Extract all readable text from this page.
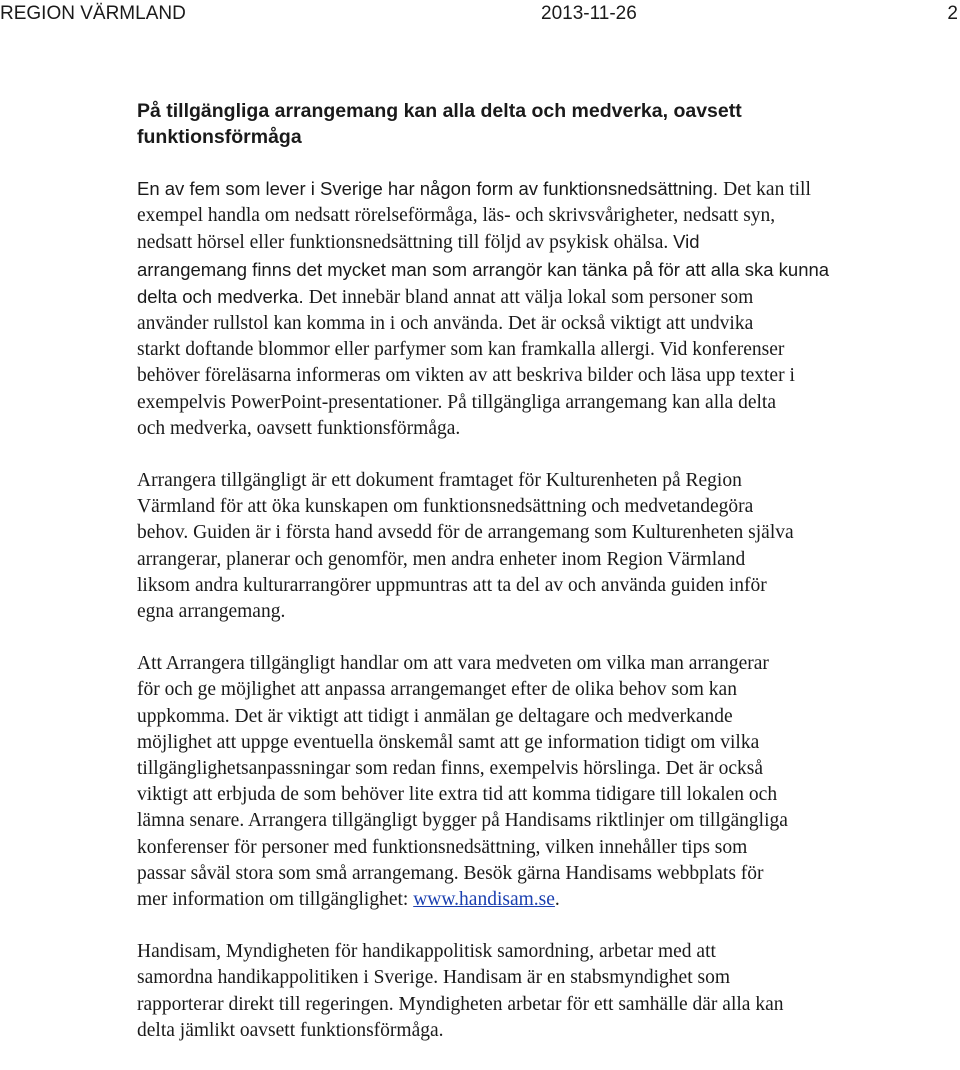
REGION VÄRMLAND	2013-11-26	2
På tillgängliga arrangemang kan alla delta och medverka, oavsett
funktionsförmåga

En av fem som lever i Sverige har någon form av funktionsnedsättning. Det kan till
exempel handla om nedsatt rörelseförmåga, läs- och skrivsvårigheter, nedsatt syn,
nedsatt hörsel eller funktionsnedsättning till följd av psykisk ohälsa. Vid
arrangemang finns det mycket man som arrangör kan tänka på för att alla ska kunna
delta och medverka. Det innebär bland annat att välja lokal som personer som
använder rullstol kan komma in i och använda. Det är också viktigt att undvika
starkt doftande blommor eller parfymer som kan framkalla allergi. Vid konferenser
behöver föreläsarna informeras om vikten av att beskriva bilder och läsa upp texter i
exempelvis PowerPoint-presentationer. På tillgängliga arrangemang kan alla delta
och medverka, oavsett funktionsförmåga.

Arrangera tillgängligt är ett dokument framtaget för Kulturenheten på Region
Värmland för att öka kunskapen om funktionsnedsättning och medvetandegöra
behov. Guiden är i första hand avsedd för de arrangemang som Kulturenheten själva
arrangerar, planerar och genomför, men andra enheter inom Region Värmland
liksom andra kulturarrangörer uppmuntras att ta del av och använda guiden inför
egna arrangemang.

Att Arrangera tillgängligt handlar om att vara medveten om vilka man arrangerar
för och ge möjlighet att anpassa arrangemanget efter de olika behov som kan
uppkomma. Det är viktigt att tidigt i anmälan ge deltagare och medverkande
möjlighet att uppge eventuella önskemål samt att ge information tidigt om vilka
tillgänglighetsanpassningar som redan finns, exempelvis hörslinga. Det är också
viktigt att erbjuda de som behöver lite extra tid att komma tidigare till lokalen och
lämna senare. Arrangera tillgängligt bygger på Handisams riktlinjer om tillgängliga
konferenser för personer med funktionsnedsättning, vilken innehåller tips som
passar såväl stora som små arrangemang. Besök gärna Handisams webbplats för
mer information om tillgänglighet: www.handisam.se.

Handisam, Myndigheten för handikappolitisk samordning, arbetar med att
samordna handikappolitiken i Sverige. Handisam är en stabsmyndighet som
rapporterar direkt till regeringen. Myndigheten arbetar för ett samhälle där alla kan
delta jämlikt oavsett funktionsförmåga.
